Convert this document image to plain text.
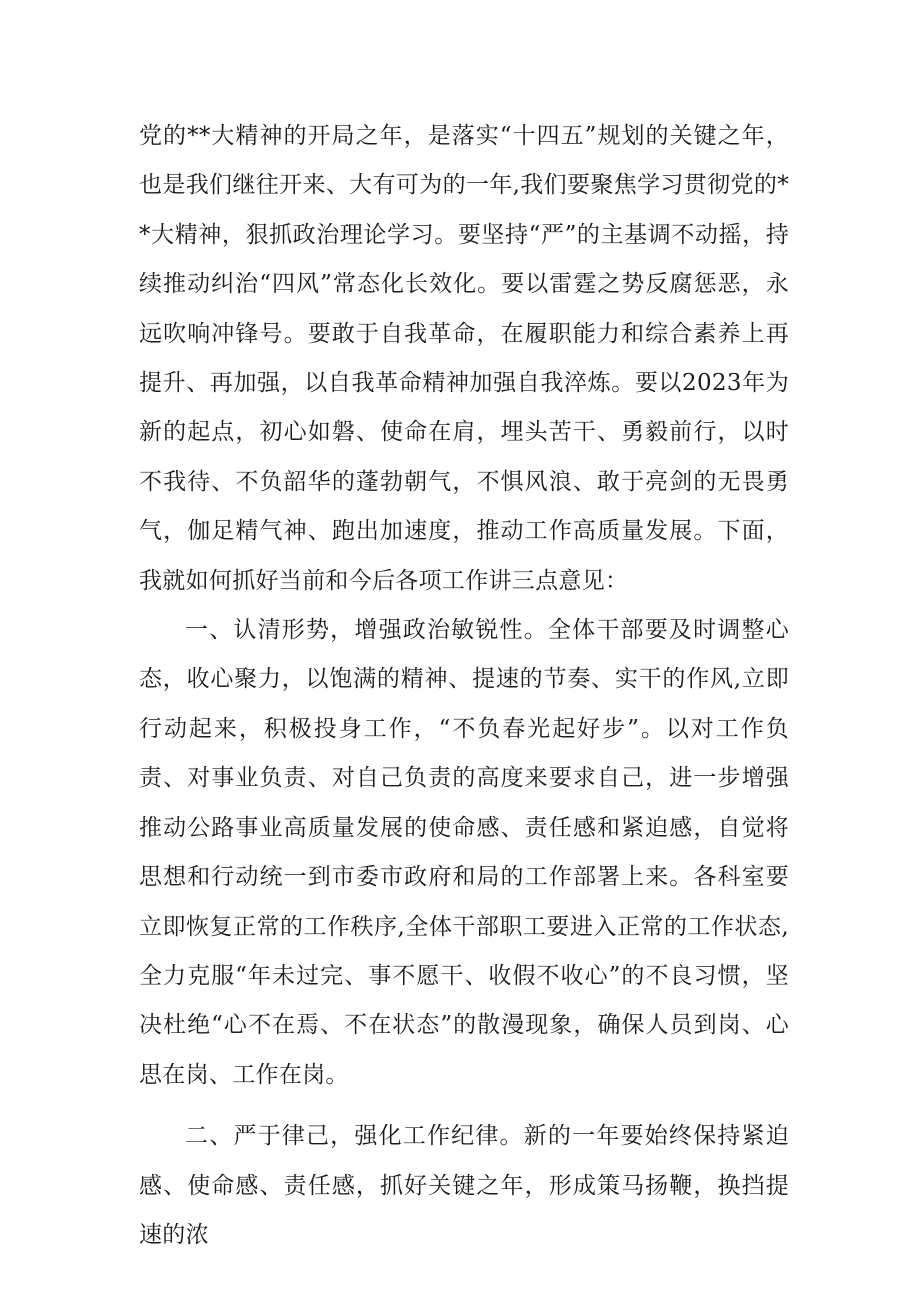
党的**大精神的开局之年，是落实“十四五”规划的关键之年，也是我们继往开来、大有可为的一年,我们要聚焦学习贯彻党的**大精神，狠抓政治理论学习。要坚持“严”的主基调不动摇，持续推动纠治“四风”常态化长效化。要以雷霆之势反腐惩恶，永远吹响冲锋号。要敢于自我革命，在履职能力和综合素养上再提升、再加强，以自我革命精神加强自我淬炼。要以2023年为新的起点，初心如磐、使命在肩，埋头苦干、勇毅前行，以时不我待、不负韶华的蓬勃朝气，不惧风浪、敢于亮剑的无畏勇气，伽足精气神、跑出加速度，推动工作高质量发展。下面，我就如何抓好当前和今后各项工作讲三点意见：

一、认清形势，增强政治敏锐性。全体干部要及时调整心态，收心聚力，以饱满的精神、提速的节奏、实干的作风,立即行动起来，积极投身工作，“不负春光起好步”。以对工作负责、对事业负责、对自己负责的高度来要求自己，进一步增强推动公路事业高质量发展的使命感、责任感和紧迫感，自觉将思想和行动统一到市委市政府和局的工作部署上来。各科室要立即恢复正常的工作秩序,全体干部职工要进入正常的工作状态,全力克服“年未过完、事不愿干、收假不收心”的不良习惯，坚决杜绝“心不在焉、不在状态”的散漫现象，确保人员到岗、心思在岗、工作在岗。

二、严于律己，强化工作纪律。新的一年要始终保持紧迫感、使命感、责任感，抓好关键之年，形成策马扬鞭，换挡提速的浓
